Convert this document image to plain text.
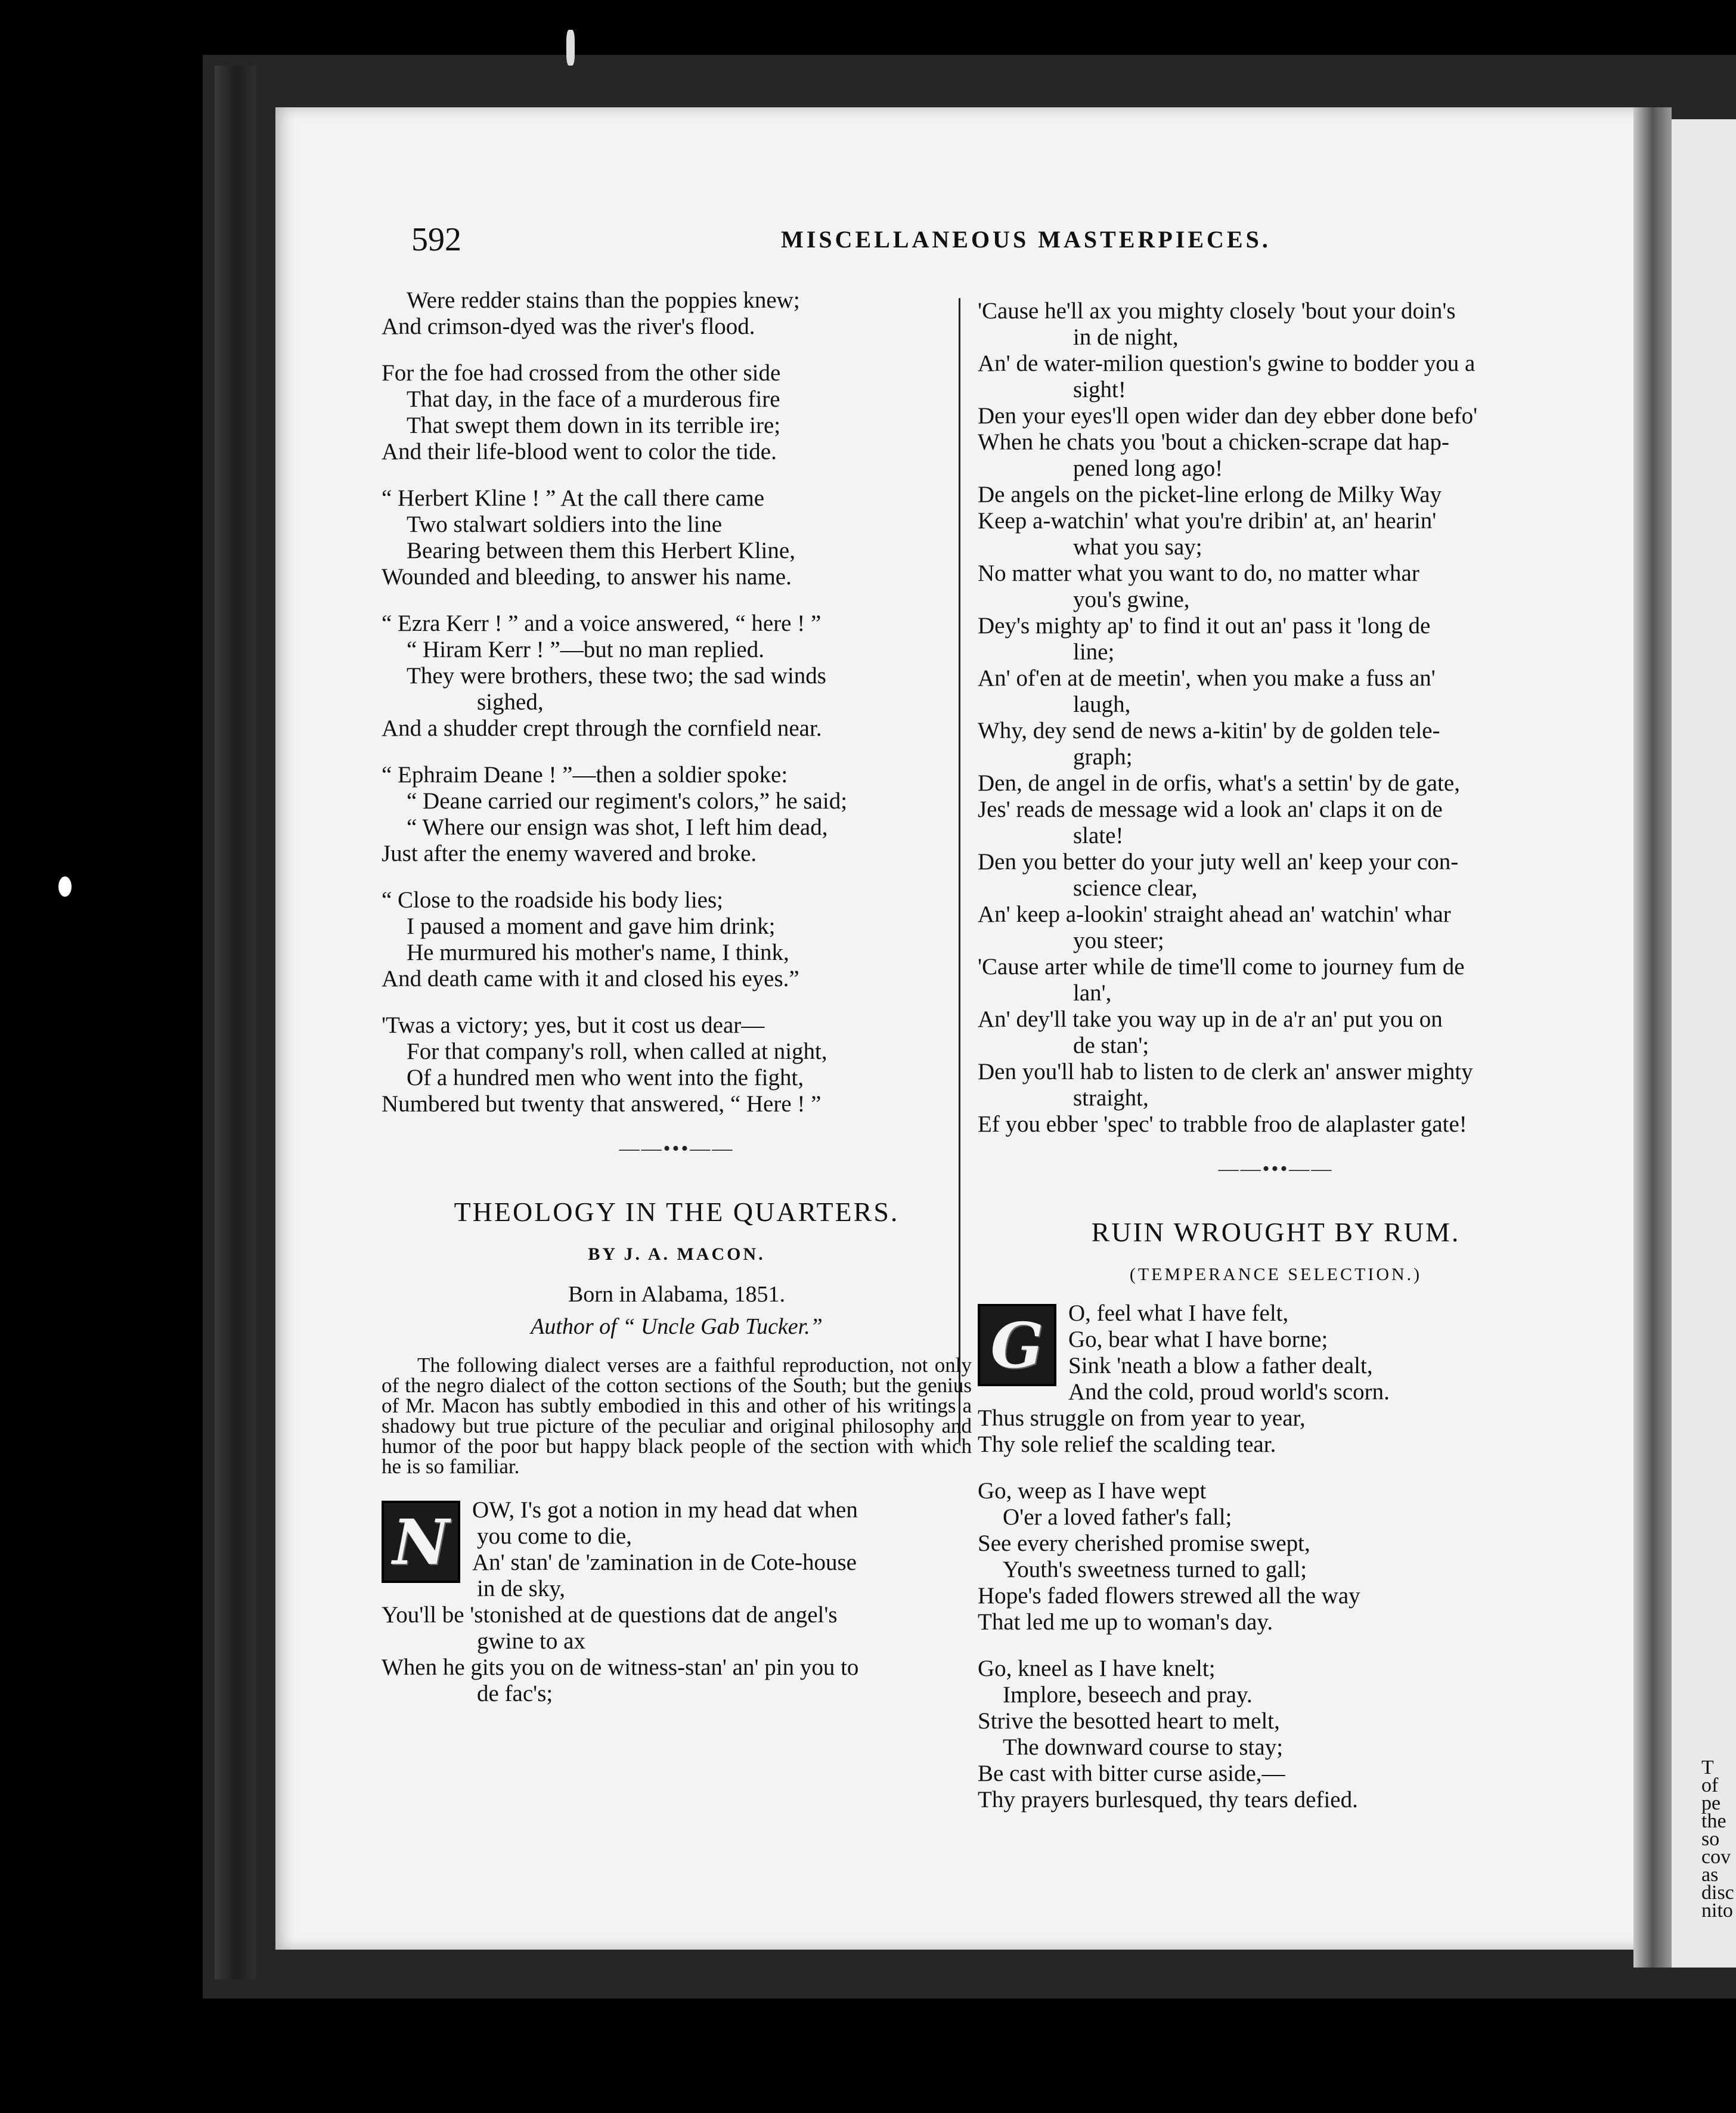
T
of
pe
the
so
cov
as
disc
nito
592	MISCELLANEOUS MASTERPIECES.
Were redder stains than the poppies knew;
And crimson-dyed was the river's flood.
For the foe had crossed from the other side
That day, in the face of a murderous fire
That swept them down in its terrible ire;
And their life-blood went to color the tide.
“ Herbert Kline ! ” At the call there came
Two stalwart soldiers into the line
Bearing between them this Herbert Kline,
Wounded and bleeding, to answer his name.
“ Ezra Kerr ! ” and a voice answered, “ here ! ”
“ Hiram Kerr ! ”—but no man replied.
They were brothers, these two; the sad winds
sighed,
And a shudder crept through the cornfield near.
“ Ephraim Deane ! ”—then a soldier spoke:
“ Deane carried our regiment's colors,” he said;
“ Where our ensign was shot, I left him dead,
Just after the enemy wavered and broke.
“ Close to the roadside his body lies;
I paused a moment and gave him drink;
He murmured his mother's name, I think,
And death came with it and closed his eyes.”
'Twas a victory; yes, but it cost us dear—
For that company's roll, when called at night,
Of a hundred men who went into the fight,
Numbered but twenty that answered, “ Here ! ”
——•••——
THEOLOGY IN THE QUARTERS.
BY J. A. MACON.
Born in Alabama, 1851.
Author of “ Uncle Gab Tucker.”
The following dialect verses are a faithful reproduction, not only of the negro dialect of the cotton sections of the South; but the genius of Mr. Macon has subtly embodied in this and other of his writings a shadowy but true picture of the peculiar and original philosophy and humor of the poor but happy black people of the section with which he is so familiar.
N OW, I's got a notion in my head dat when
you come to die,
An' stan' de 'zamination in de Cote-house
in de sky,
You'll be 'stonished at de questions dat de angel's
gwine to ax
When he gits you on de witness-stan' an' pin you to
de fac's;
'Cause he'll ax you mighty closely 'bout your doin's
in de night,
An' de water-milion question's gwine to bodder you a
sight!
Den your eyes'll open wider dan dey ebber done befo'
When he chats you 'bout a chicken-scrape dat hap-
pened long ago!
De angels on the picket-line erlong de Milky Way
Keep a-watchin' what you're dribin' at, an' hearin'
what you say;
No matter what you want to do, no matter whar
you's gwine,
Dey's mighty ap' to find it out an' pass it 'long de
line;
An' of'en at de meetin', when you make a fuss an'
laugh,
Why, dey send de news a-kitin' by de golden tele-
graph;
Den, de angel in de orfis, what's a settin' by de gate,
Jes' reads de message wid a look an' claps it on de
slate!
Den you better do your juty well an' keep your con-
science clear,
An' keep a-lookin' straight ahead an' watchin' whar
you steer;
'Cause arter while de time'll come to journey fum de
lan',
An' dey'll take you way up in de a'r an' put you on
de stan';
Den you'll hab to listen to de clerk an' answer mighty
straight,
Ef you ebber 'spec' to trabble froo de alaplaster gate!
——•••——
RUIN WROUGHT BY RUM.
(TEMPERANCE SELECTION.)
G	O, feel what I have felt,
Go, bear what I have borne;
Sink 'neath a blow a father dealt,
And the cold, proud world's scorn.
Thus struggle on from year to year,
Thy sole relief the scalding tear.
Go, weep as I have wept
O'er a loved father's fall;
See every cherished promise swept,
Youth's sweetness turned to gall;
Hope's faded flowers strewed all the way
That led me up to woman's day.
Go, kneel as I have knelt;
Implore, beseech and pray.
Strive the besotted heart to melt,
The downward course to stay;
Be cast with bitter curse aside,—
Thy prayers burlesqued, thy tears defied.
